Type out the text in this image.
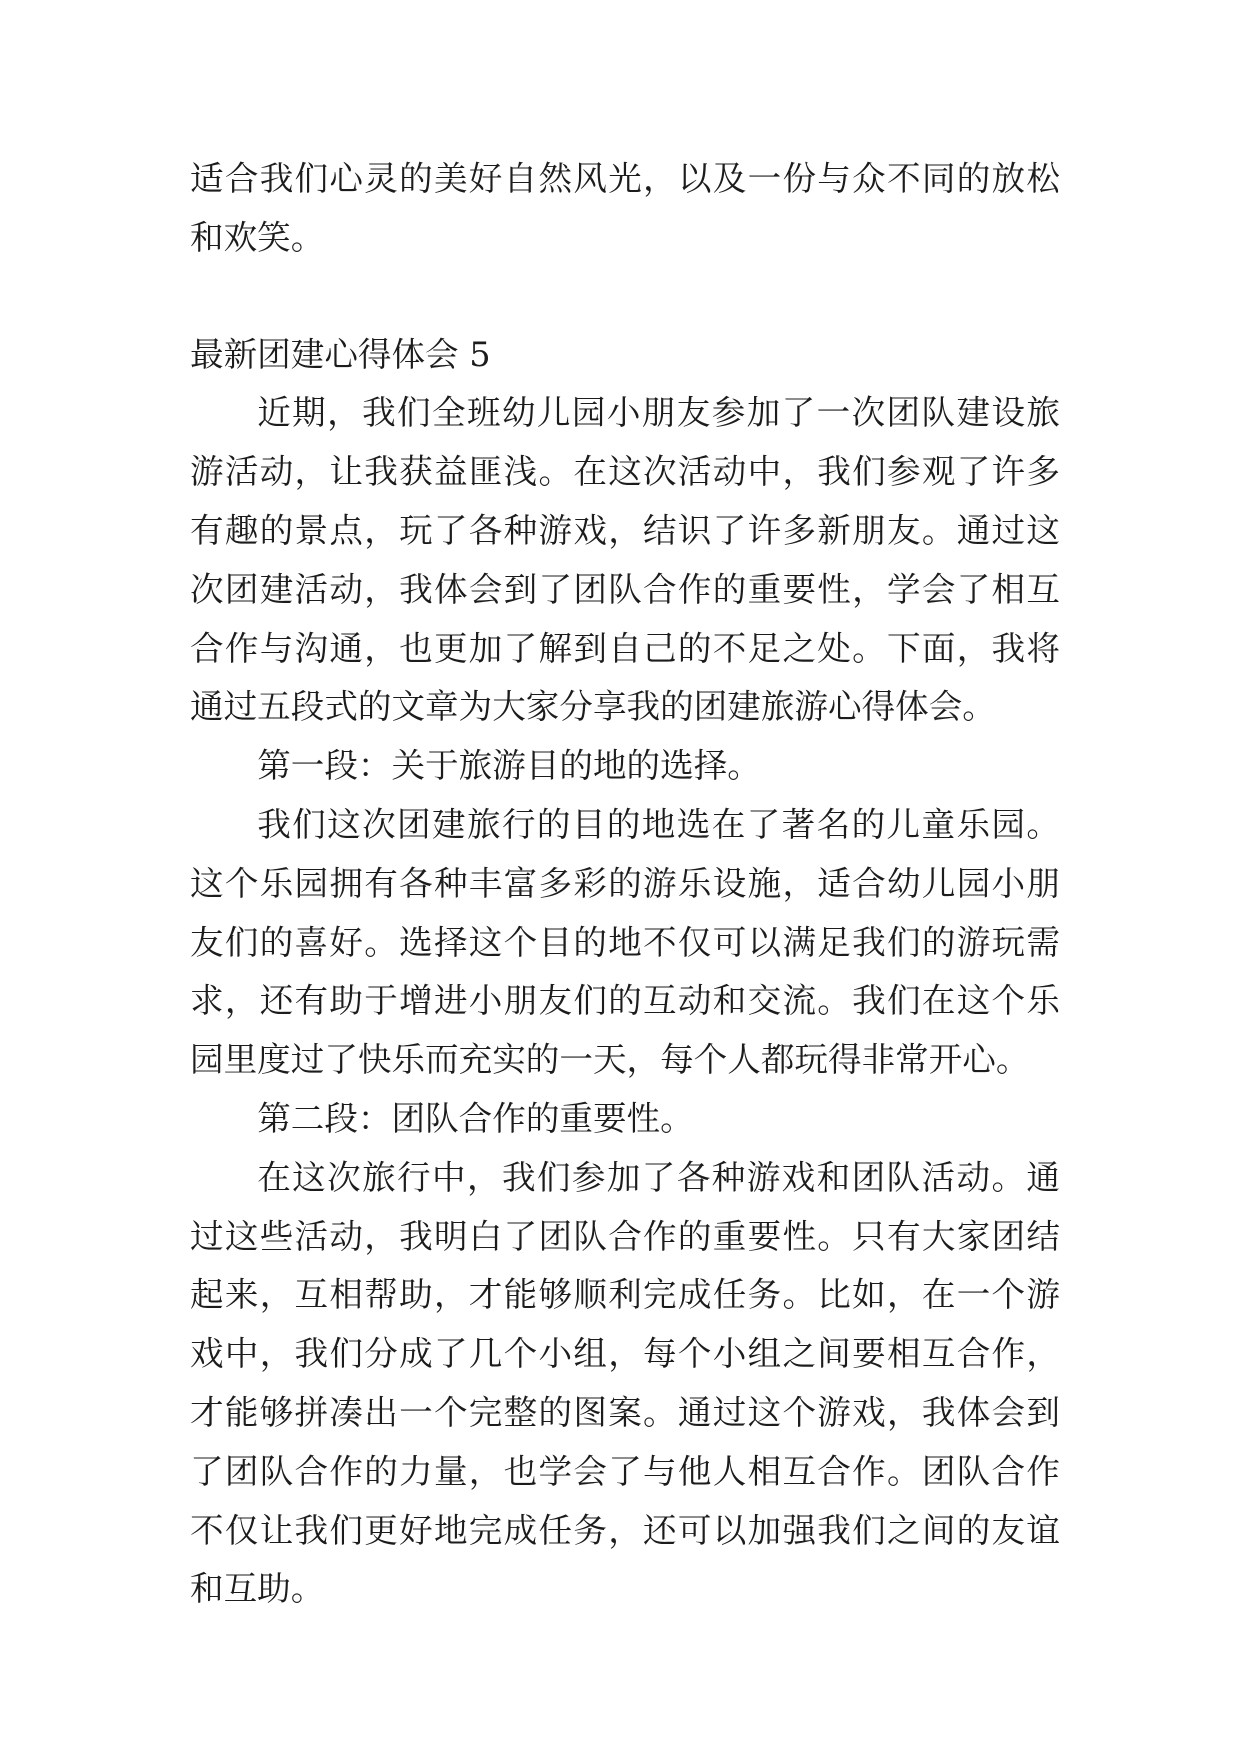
适合我们心灵的美好自然风光，以及一份与众不同的放松和欢笑。

最新团建心得体会 5

近期，我们全班幼儿园小朋友参加了一次团队建设旅游活动，让我获益匪浅。在这次活动中，我们参观了许多有趣的景点，玩了各种游戏，结识了许多新朋友。通过这次团建活动，我体会到了团队合作的重要性，学会了相互合作与沟通，也更加了解到自己的不足之处。下面，我将通过五段式的文章为大家分享我的团建旅游心得体会。

第一段：关于旅游目的地的选择。

我们这次团建旅行的目的地选在了著名的儿童乐园。这个乐园拥有各种丰富多彩的游乐设施，适合幼儿园小朋友们的喜好。选择这个目的地不仅可以满足我们的游玩需求，还有助于增进小朋友们的互动和交流。我们在这个乐园里度过了快乐而充实的一天，每个人都玩得非常开心。

第二段：团队合作的重要性。

在这次旅行中，我们参加了各种游戏和团队活动。通过这些活动，我明白了团队合作的重要性。只有大家团结起来，互相帮助，才能够顺利完成任务。比如，在一个游戏中，我们分成了几个小组，每个小组之间要相互合作，才能够拼凑出一个完整的图案。通过这个游戏，我体会到了团队合作的力量，也学会了与他人相互合作。团队合作不仅让我们更好地完成任务，还可以加强我们之间的友谊和互助。
